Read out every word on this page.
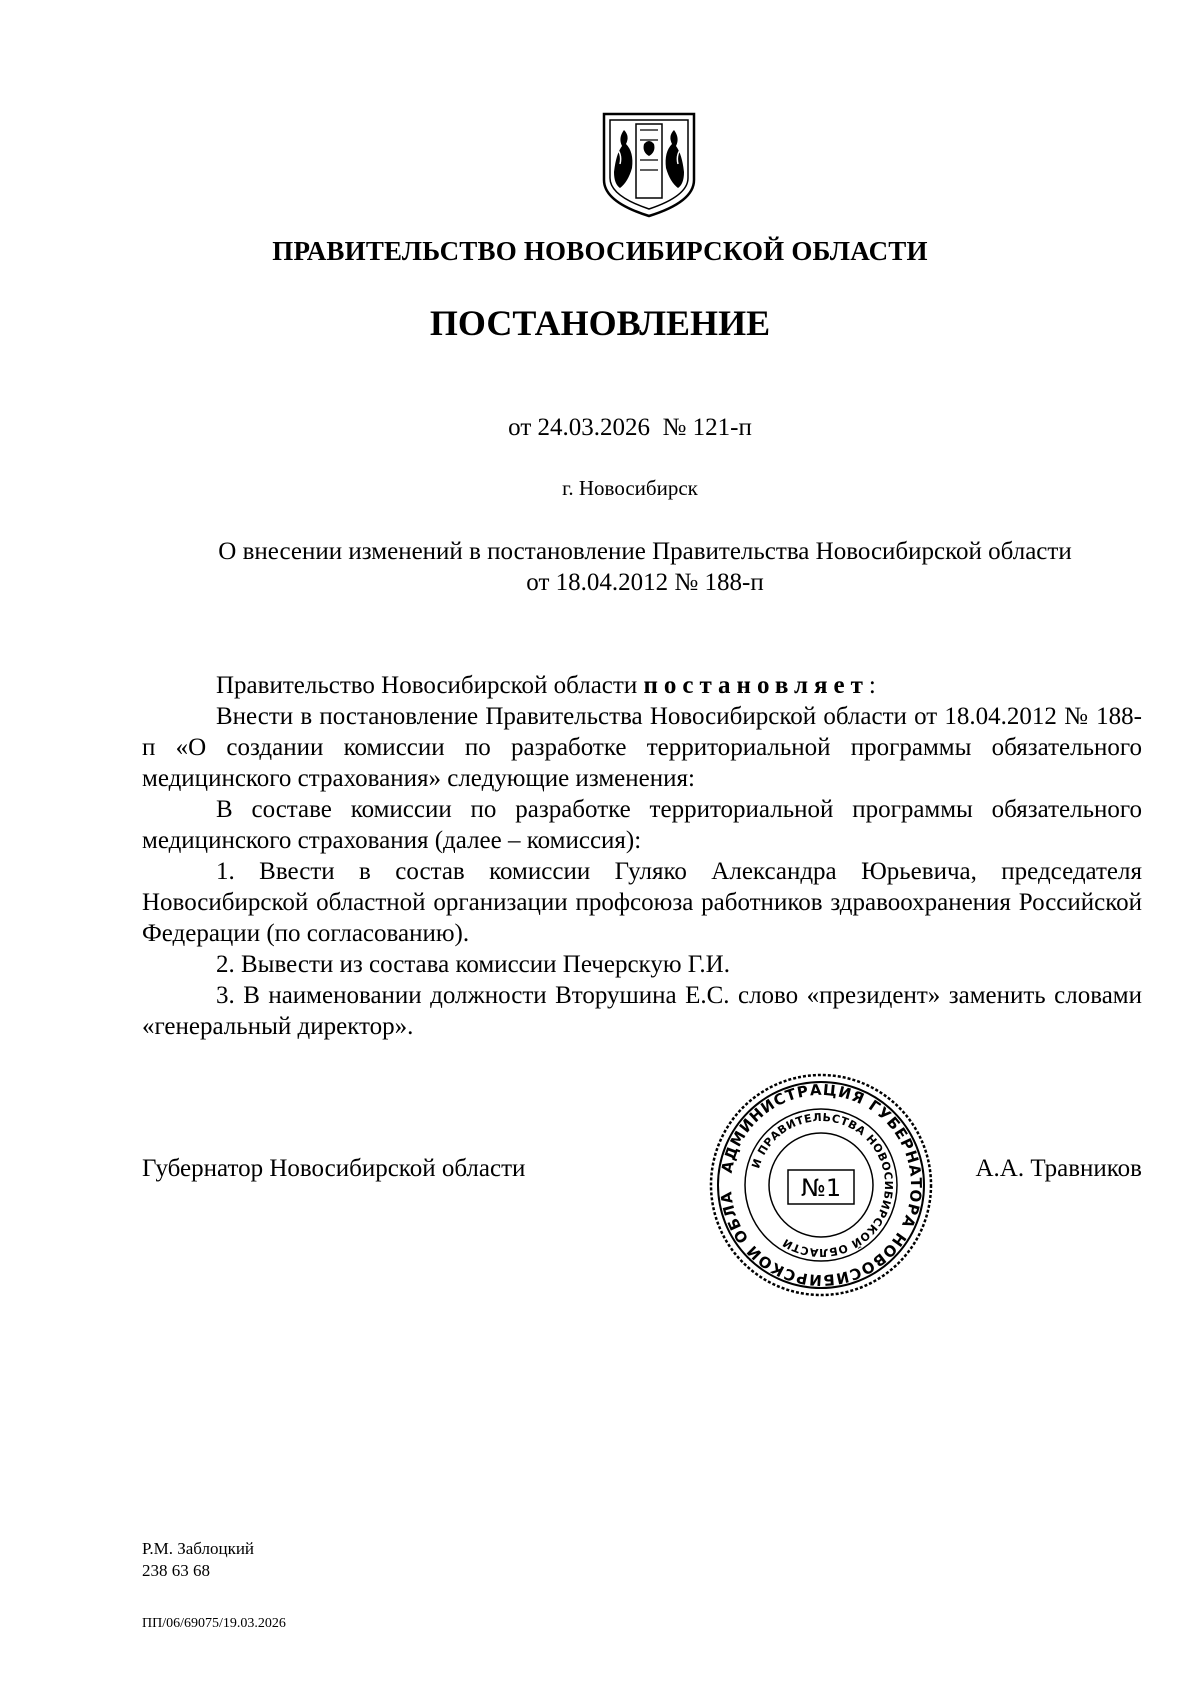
ПРАВИТЕЛЬСТВО НОВОСИБИРСКОЙ ОБЛАСТИ
ПОСТАНОВЛЕНИЕ
от 24.03.2026  № 121-п
г. Новосибирск
О внесении изменений в постановление Правительства Новосибирской области
от 18.04.2012 № 188-п

Правительство Новосибирской области постановляет:

Внести в постановление Правительства Новосибирской области от 18.04.2012 № 188-п «О создании комиссии по разработке территориальной программы обязательного медицинского страхования» следующие изменения:

В составе комиссии по разработке территориальной программы обязательного медицинского страхования (далее – комиссия):

1. Ввести в состав комиссии Гуляко Александра Юрьевича, председателя Новосибирской областной организации профсоюза работников здравоохранения Российской Федерации (по согласованию).

2. Вывести из состава комиссии Печерскую Г.И.

3. В наименовании должности Вторушина Е.С. слово «президент» заменить словами «генеральный директор».

Губернатор Новосибирской области	А.А. Травников
АДМИНИСТРАЦИЯ ГУБЕРНАТОРА НОВОСИБИРСКОЙ ОБЛА
И ПРАВИТЕЛЬСТВА НОВОСИБИРСКОЙ ОБЛАСТИ
№1
Р.М. Заблоцкий
238 63 68
ПП/06/69075/19.03.2026
